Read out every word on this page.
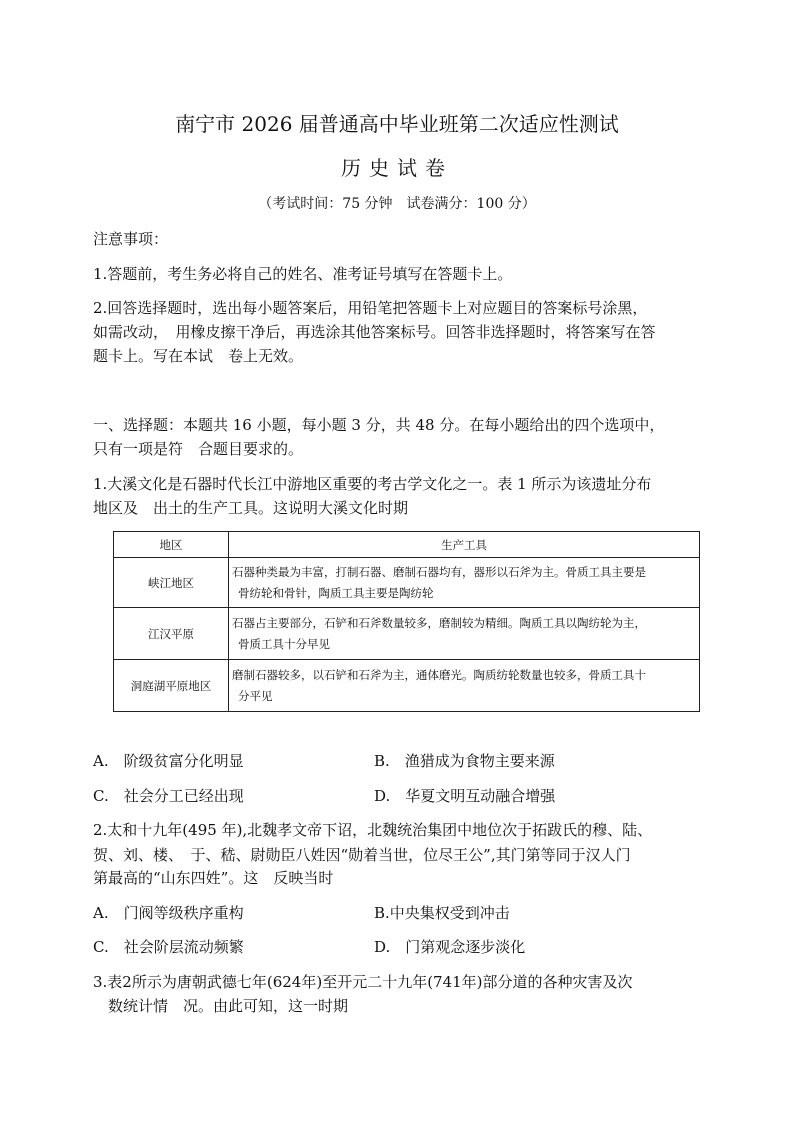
南宁市 2026 届普通高中毕业班第二次适应性测试
历史试卷
（考试时间：75 分钟　试卷满分：100 分）
注意事项：
1.答题前，考生务必将自己的姓名、准考证号填写在答题卡上。
2.回答选择题时，选出每小题答案后，用铅笔把答题卡上对应题目的答案标号涂黑，
如需改动，　用橡皮擦干净后，再选涂其他答案标号。回答非选择题时，将答案写在答
题卡上。写在本试　卷上无效。
一、选择题：本题共 16 小题，每小题 3 分，共 48 分。在每小题给出的四个选项中，
只有一项是符　合题目要求的。
1.大溪文化是石器时代长江中游地区重要的考古学文化之一。表 1 所示为该遗址分布
地区及　出土的生产工具。这说明大溪文化时期
地区	生产工具
峡江地区	石器种类最为丰富，打制石器、磨制石器均有，器形以石斧为主。骨质工具主要是
骨纺轮和骨针，陶质工具主要是陶纺轮

江汉平原	石器占主要部分，石铲和石斧数量较多，磨制较为精细。陶质工具以陶纺轮为主，
骨质工具十分早见

洞庭湖平原地区	磨制石器较多，以石铲和石斧为主，通体磨光。陶质纺轮数量也较多，骨质工具十
分平见
A.　阶级贫富分化明显	B.　渔猎成为食物主要来源
C.　社会分工已经出现	D.　华夏文明互动融合增强
2.太和十九年(495 年),北魏孝文帝下诏，北魏统治集团中地位次于拓跋氏的穆、陆、
贺、刘、楼、　于、嵇、尉勋臣八姓因“勋着当世，位尽王公”,其门第等同于汉人门
第最高的“山东四姓”。这　反映当时
A.　门阀等级秩序重构	B.中央集权受到冲击
C.　社会阶层流动频繁	D.　门第观念逐步淡化
3.表2所示为唐朝武德七年(624年)至开元二十九年(741年)部分道的各种灾害及次
数统计情　况。由此可知，这一时期
